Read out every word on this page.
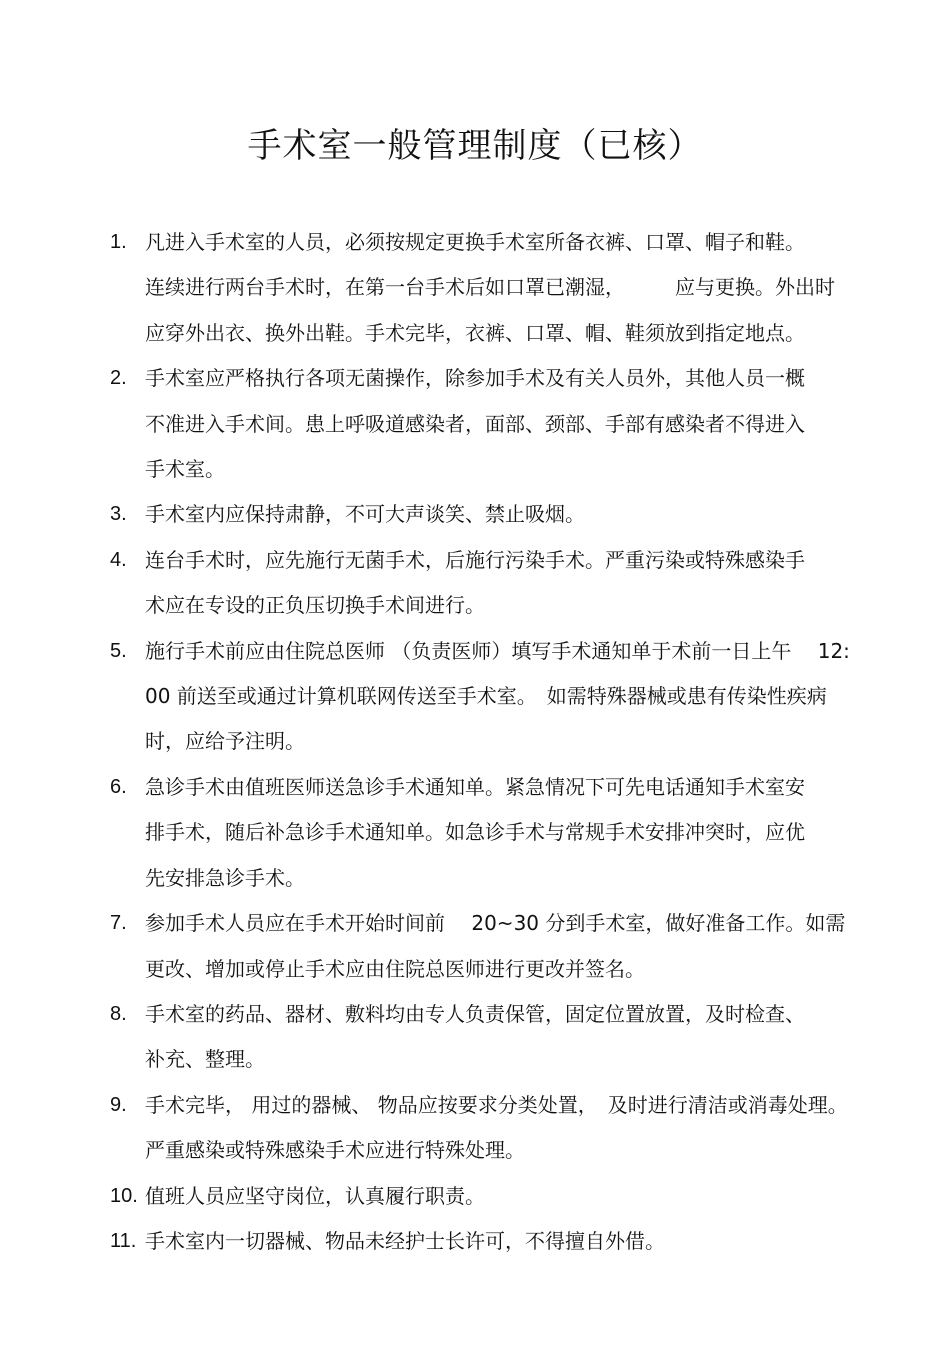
手术室一般管理制度（已核）
1. 凡进入手术室的人员，必须按规定更换手术室所备衣裤、口罩、帽子和鞋。
连续进行两台手术时，在第一台手术后如口罩已潮湿，　　　应与更换。外出时
应穿外出衣、换外出鞋。手术完毕，衣裤、口罩、帽、鞋须放到指定地点。
2. 手术室应严格执行各项无菌操作，除参加手术及有关人员外，其他人员一概
不准进入手术间。患上呼吸道感染者，面部、颈部、手部有感染者不得进入
手术室。
3. 手术室内应保持肃静，不可大声谈笑、禁止吸烟。
4. 连台手术时，应先施行无菌手术，后施行污染手术。严重污染或特殊感染手
术应在专设的正负压切换手术间进行。
5. 施行手术前应由住院总医师 （负责医师）填写手术通知单于术前一日上午　 12:
00 前送至或通过计算机联网传送至手术室。　如需特殊器械或患有传染性疾病
时，应给予注明。
6. 急诊手术由值班医师送急诊手术通知单。紧急情况下可先电话通知手术室安
排手术，随后补急诊手术通知单。如急诊手术与常规手术安排冲突时，应优
先安排急诊手术。
7. 参加手术人员应在手术开始时间前　 20~30 分到手术室，做好准备工作。如需
更改、增加或停止手术应由住院总医师进行更改并签名。
8. 手术室的药品、器材、敷料均由专人负责保管，固定位置放置，及时检查、
补充、整理。
9. 手术完毕， 用过的器械、 物品应按要求分类处置，　及时进行清洁或消毒处理。
严重感染或特殊感染手术应进行特殊处理。
10. 值班人员应坚守岗位，认真履行职责。
11. 手术室内一切器械、物品未经护士长许可，不得擅自外借。
